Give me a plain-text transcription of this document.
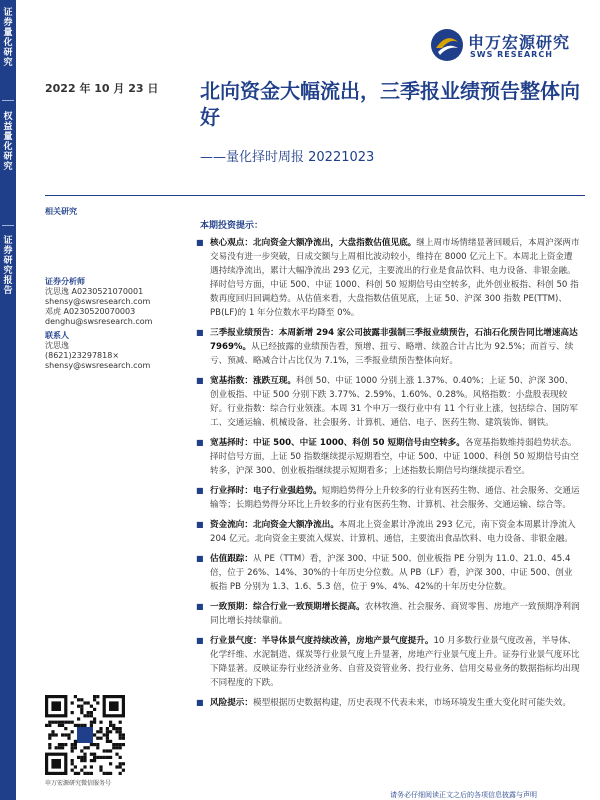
证
券
量
化
研
究
权
益
量
化
研
究
证
券
研
究
报
告
申万宏源研究
SWS RESEARCH
2022 年 10 月 23 日 北向资金大幅流出，三季报业绩预告整体向好
——量化择时周报 20221023
相关研究
证券分析师
沈思逸 A0230521070001
shensy@swsresearch.com
邓虎 A0230520070003
denghu@swsresearch.com
联系人
沈思逸
(8621)23297818×
shensy@swsresearch.com
本期投资提示：
■ 核心观点：北向资金大额净流出，大盘指数估值见底。继上周市场情绪显著回暖后，本周沪深两市交易没有进一步突破，日成交额与上周相比波动较小，维持在 8000 亿元上下。本周北上资金遭遇持续净流出，累计大幅净流出 293 亿元，主要流出的行业是食品饮料、电力设备、非银金融。择时信号方面，中证 500、中证 1000、科创 50 短期信号由空转多，此外创业板指、科创 50 指数再度回归回调趋势。从估值来看，大盘指数估值见底，上证 50、沪深 300 指数 PE(TTM)、PB(LF)的 1 年分位数水平均降至 0%。
■ 三季报业绩预告：本周新增 294 家公司披露非强制三季报业绩预告，石油石化预告同比增速高达 7969%。从已经披露的业绩预告看，预增、扭亏、略增、续盈合计占比为 92.5%；而首亏、续亏、预减、略减合计占比仅为 7.1%，三季报业绩预告整体向好。
■ 宽基指数：涨跌互现。科创 50、中证 1000 分别上涨 1.37%、0.40%；上证 50、沪深 300、创业板指、中证 500 分别下跌 3.77%、2.59%、1.60%、0.28%。风格指数：小盘股表现较好。行业指数：综合行业领涨。本周 31 个申万一级行业中有 11 个行业上涨，包括综合、国防军工、交通运输、机械设备、社会服务、计算机、通信、电子、医药生物、建筑装饰、钢铁。
■ 宽基择时：中证 500、中证 1000、科创 50 短期信号由空转多。各宽基指数维持弱趋势状态。择时信号方面，上证 50 指数继续提示短期看空，中证 500、中证 1000、科创 50 短期信号由空转多，沪深 300、创业板指继续提示短期看多；上述指数长期信号均继续提示看空。
■ 行业择时：电子行业强趋势。短期趋势得分上升较多的行业有医药生物、通信、社会服务、交通运输等；长期趋势得分环比上升较多的行业有医药生物、计算机、社会服务、交通运输、综合等。
■ 资金流向：北向资金大额净流出。本周北上资金累计净流出 293 亿元，南下资金本周累计净流入 204 亿元。北向资金主要流入煤炭、计算机、通信，主要流出食品饮料、电力设备、非银金融。
■ 估值跟踪：从 PE（TTM）看，沪深 300、中证 500、创业板指 PE 分别为 11.0、21.0、45.4 倍，位于 26%、14%、30%的十年历史分位数。从 PB（LF）看，沪深 300、中证 500、创业板指 PB 分别为 1.3、1.6、5.3 倍，位于 9%、4%、42%的十年历史分位数。
■ 一致预期：综合行业一致预期增长提高。农林牧渔、社会服务、商贸零售、房地产一致预期净利润同比增长持续靠前。
■ 行业景气度：半导体景气度持续改善，房地产景气度提升。10 月多数行业景气度改善，半导体、化学纤维、水泥制造、煤炭等行业景气度上升显著，房地产行业景气度上升。证券行业景气度环比下降显著。反映证券行业经济业务、自营及资管业务、投行业务、信用交易业务的数据指标均出现不同程度的下跌。
■ 风险提示：模型根据历史数据构建，历史表现不代表未来，市场环境发生重大变化时可能失效。
申万宏源研究微信服务号
请务必仔细阅读正文之后的各项信息披露与声明
